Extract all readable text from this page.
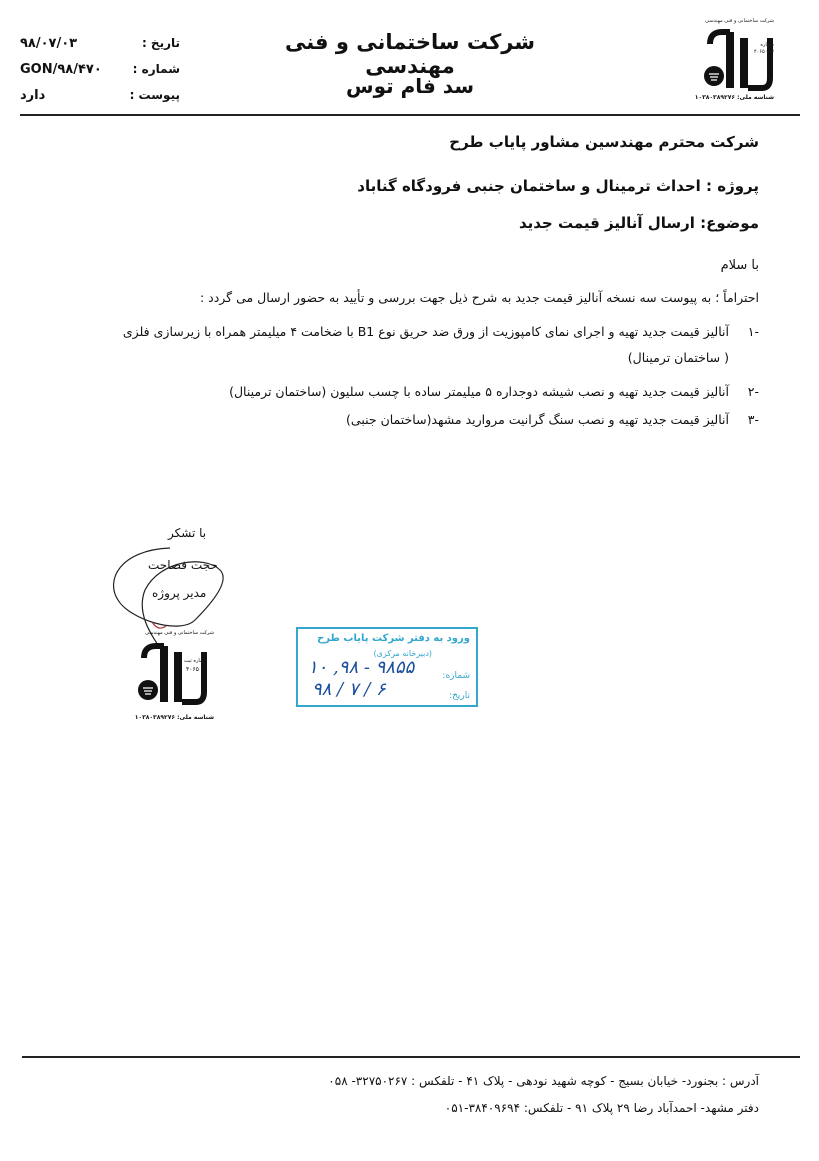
شرکت ساختمانی و فنی مهندسی
شماره ثبت
۴۰۶۵
شناسه ملی: ۱۰۳۸۰۳۸۹۲۷۶
شرکت ساختمانی و فنی مهندسی
سد فام توس
تاریخ :
۹۸/۰۷/۰۳
شماره :
GON/۹۸/۴۷۰
پیوست :
دارد
شرکت محترم مهندسین مشاور پایاب طرح
پروژه : احداث ترمینال و ساختمان جنبی فرودگاه گناباد
موضوع: ارسال آنالیز قیمت جدید
با سلام
احتراماً ؛ به پیوست سه نسخه آنالیز قیمت جدید به شرح ذیل جهت بررسی و تأیید به حضور ارسال می گردد :
-۱آنالیز قیمت جدید تهیه و اجرای نمای کامپوزیت از ورق ضد حریق نوع B1 با ضخامت ۴ میلیمتر همراه با زیرسازی فلزی
( ساختمان ترمینال)
-۲آنالیز قیمت جدید تهیه و نصب شیشه دوجداره ۵ میلیمتر ساده با چسب سلیون (ساختمان ترمینال)
-۳آنالیز قیمت جدید تهیه و نصب سنگ گرانیت مروارید مشهد(ساختمان جنبی)
با تشکر
حجت فصاحت
مدیر پروژه
شرکت ساختمانی و فنی مهندسی
شماره ثبت
۴۰۶۵
شناسه ملی: ۱۰۳۸۰۳۸۹۲۷۶
ورود به دفتر شرکت پایاب طرح
(دبیرخانه مرکزی)
شماره:
تاریخ:
۱۰ ,۹۸ - ۹۸۵۵
۹۸ / ۷ / ۶
آدرس : بجنورد- خیابان بسیج - کوچه شهید نودهی - پلاک ۴۱ - تلفکس : ۳۲۷۵۰۲۶۷- ۰۵۸
دفتر مشهد- احمدآباد رضا ۲۹ پلاک ۹۱ - تلفکس: ۳۸۴۰۹۶۹۴-۰۵۱
